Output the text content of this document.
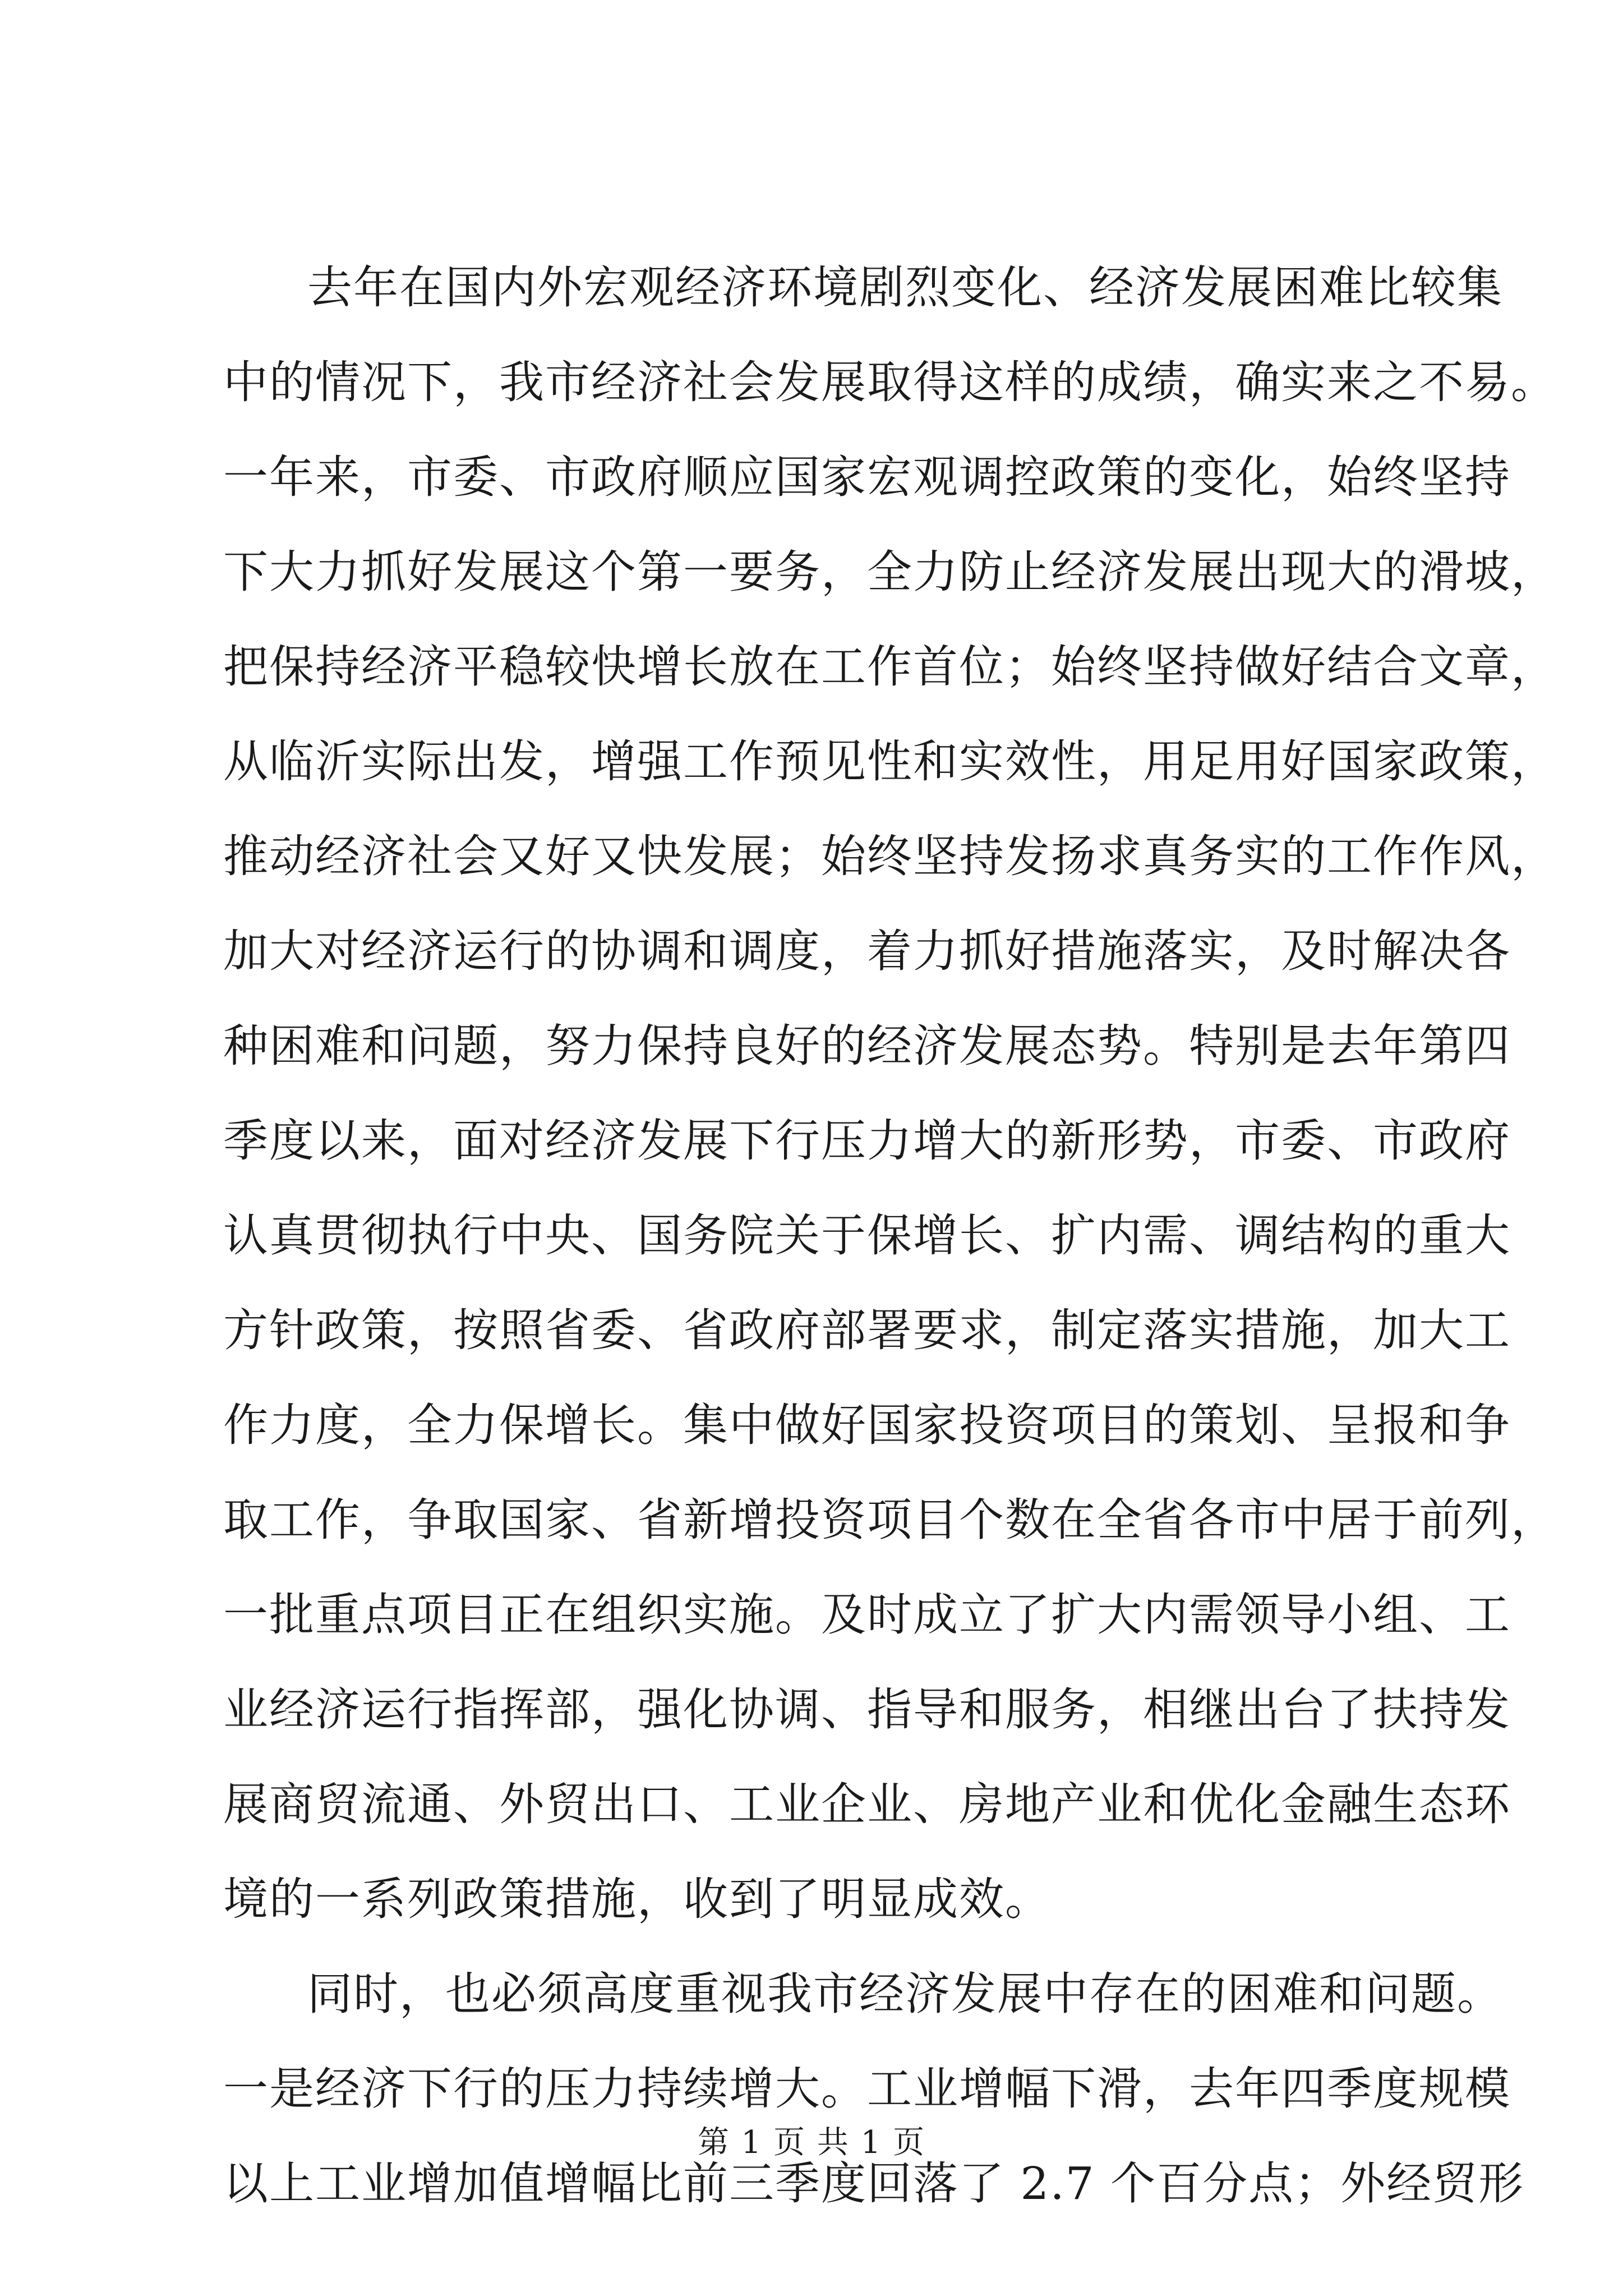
去年在国内外宏观经济环境剧烈变化、经济发展困难比较集
中的情况下，我市经济社会发展取得这样的成绩，确实来之不易。
一年来，市委、市政府顺应国家宏观调控政策的变化，始终坚持
下大力抓好发展这个第一要务，全力防止经济发展出现大的滑坡，
把保持经济平稳较快增长放在工作首位；始终坚持做好结合文章，
从临沂实际出发，增强工作预见性和实效性，用足用好国家政策，
推动经济社会又好又快发展；始终坚持发扬求真务实的工作作风，
加大对经济运行的协调和调度，着力抓好措施落实，及时解决各
种困难和问题，努力保持良好的经济发展态势。特别是去年第四
季度以来，面对经济发展下行压力增大的新形势，市委、市政府
认真贯彻执行中央、国务院关于保增长、扩内需、调结构的重大
方针政策，按照省委、省政府部署要求，制定落实措施，加大工
作力度，全力保增长。集中做好国家投资项目的策划、呈报和争
取工作，争取国家、省新增投资项目个数在全省各市中居于前列，
一批重点项目正在组织实施。及时成立了扩大内需领导小组、工
业经济运行指挥部，强化协调、指导和服务，相继出台了扶持发
展商贸流通、外贸出口、工业企业、房地产业和优化金融生态环
境的一系列政策措施，收到了明显成效。
同时，也必须高度重视我市经济发展中存在的困难和问题。
一是经济下行的压力持续增大。工业增幅下滑，去年四季度规模
以上工业增加值增幅比前三季度回落了 2.7 个百分点；外经贸形
第 1 页 共 1 页
